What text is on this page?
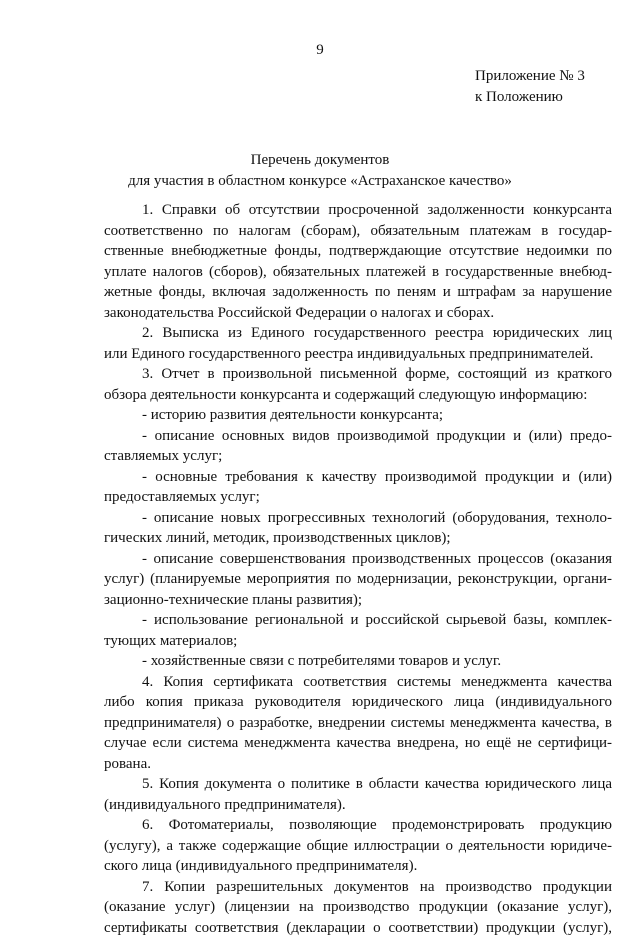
9
Приложение № 3
к Положению
Перечень документов
для участия в областном конкурсе «Астраханское качество»
1. Справки об отсутствии просроченной задолженности конкурсанта
соответственно по налогам (сборам), обязательным платежам в государ-
ственные внебюджетные фонды, подтверждающие отсутствие недоимки по
уплате налогов (сборов), обязательных платежей в государственные внебюд-
жетные фонды, включая задолженность по пеням и штрафам за нарушение
законодательства Российской Федерации о налогах и сборах.
2. Выписка из Единого государственного реестра юридических лиц
или Единого государственного реестра индивидуальных предпринимателей.
3. Отчет в произвольной письменной форме, состоящий из краткого
обзора деятельности конкурсанта и содержащий следующую информацию:
- историю развития деятельности конкурсанта;
- описание основных видов производимой продукции и (или) предо-
ставляемых услуг;
- основные требования к качеству производимой продукции и (или)
предоставляемых услуг;
- описание новых прогрессивных технологий (оборудования, техноло-
гических линий, методик, производственных циклов);
- описание совершенствования производственных процессов (оказания
услуг) (планируемые мероприятия по модернизации, реконструкции, органи-
зационно-технические планы развития);
- использование региональной и российской сырьевой базы, комплек-
тующих материалов;
- хозяйственные связи с потребителями товаров и услуг.
4. Копия сертификата соответствия системы менеджмента качества
либо копия приказа руководителя юридического лица (индивидуального
предпринимателя) о разработке, внедрении системы менеджмента качества, в
случае если система менеджмента качества внедрена, но ещё не сертифици-
рована.
5. Копия документа о политике в области качества юридического лица
(индивидуального предпринимателя).
6. Фотоматериалы, позволяющие продемонстрировать продукцию
(услугу), а также содержащие общие иллюстрации о деятельности юридиче-
ского лица (индивидуального предпринимателя).
7. Копии разрешительных документов на производство продукции
(оказание услуг) (лицензии на производство продукции (оказание услуг),
сертификаты соответствия (декларации о соответствии) продукции (услуг),
